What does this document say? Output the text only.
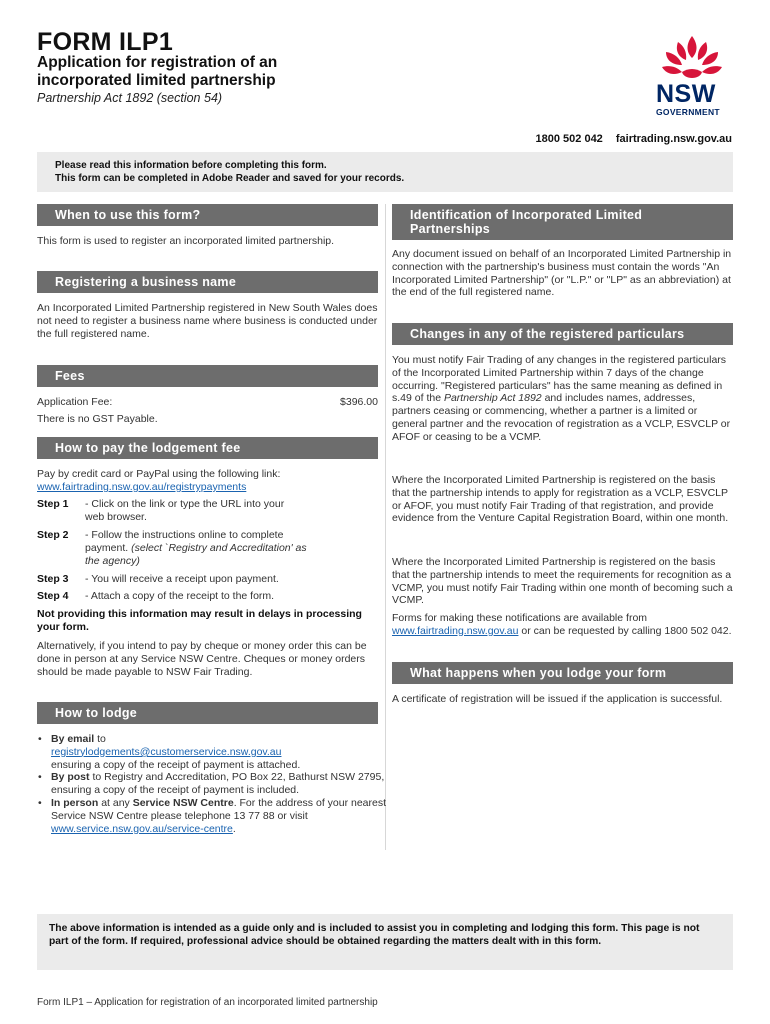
FORM ILP1
Application for registration of an incorporated limited partnership
Partnership Act 1892 (section 54)	NSW
GOVERNMENT
1800 502 042 fairtrading.nsw.gov.au
Please read this information before completing this form.
This form can be completed in Adobe Reader and saved for your records.
When to use this form?
This form is used to register an incorporated limited partnership.
Registering a business name
An Incorporated Limited Partnership registered in New South Wales does not need to register a business name where business is conducted under the full registered name.
Fees
Application Fee:	$396.00
There is no GST Payable.
How to pay the lodgement fee
Pay by credit card or PayPal using the following link:
www.fairtrading.nsw.gov.au/registrypayments
Step 1 - Click on the link or type the URL into your
web browser.
Step 2 - Follow the instructions online to complete
payment. (select `Registry and Accreditation' as
the agency)
Step 3 - You will receive a receipt upon payment.
Step 4 - Attach a copy of the receipt to the form.
Not providing this information may result in delays in processing your form.
Alternatively, if you intend to pay by cheque or money order this can be done in person at any Service NSW Centre. Cheques or money orders should be made payable to NSW Fair Trading.
How to lodge
• By email to
registrylodgements@customerservice.nsw.gov.au
ensuring a copy of the receipt of payment is attached.
• By post to Registry and Accreditation, PO Box 22, Bathurst NSW 2795, ensuring a copy of the receipt of payment is included.
• In person at any Service NSW Centre. For the address of your nearest Service NSW Centre please telephone 13 77 88 or visit www.service.nsw.gov.au/service-centre.
Identification of Incorporated Limited Partnerships
Any document issued on behalf of an Incorporated Limited Partnership in connection with the partnership's business must contain the words "An Incorporated Limited Partnership" (or "L.P." or "LP" as an abbreviation) at the end of the full registered name.
Changes in any of the registered particulars
You must notify Fair Trading of any changes in the registered particulars of the Incorporated Limited Partnership within 7 days of the change occurring. "Registered particulars" has the same meaning as defined in s.49 of the Partnership Act 1892 and includes names, addresses, partners ceasing or commencing, whether a partner is a limited or general partner and the revocation of registration as a VCLP, ESVCLP or AFOF or ceasing to be a VCMP.
Where the Incorporated Limited Partnership is registered on the basis that the partnership intends to apply for registration as a VCLP, ESVCLP or AFOF, you must notify Fair Trading of that registration, and provide evidence from the Venture Capital Registration Board, within one month.
Where the Incorporated Limited Partnership is registered on the basis that the partnership intends to meet the requirements for recognition as a VCMP, you must notify Fair Trading within one month of becoming such a VCMP.
Forms for making these notifications are available from www.fairtrading.nsw.gov.au or can be requested by calling 1800 502 042.
What happens when you lodge your form
A certificate of registration will be issued if the application is successful.
The above information is intended as a guide only and is included to assist you in completing and lodging this form. This page is not part of the form. If required, professional advice should be obtained regarding the matters dealt with in this form.
Form ILP1 – Application for registration of an incorporated limited partnership
